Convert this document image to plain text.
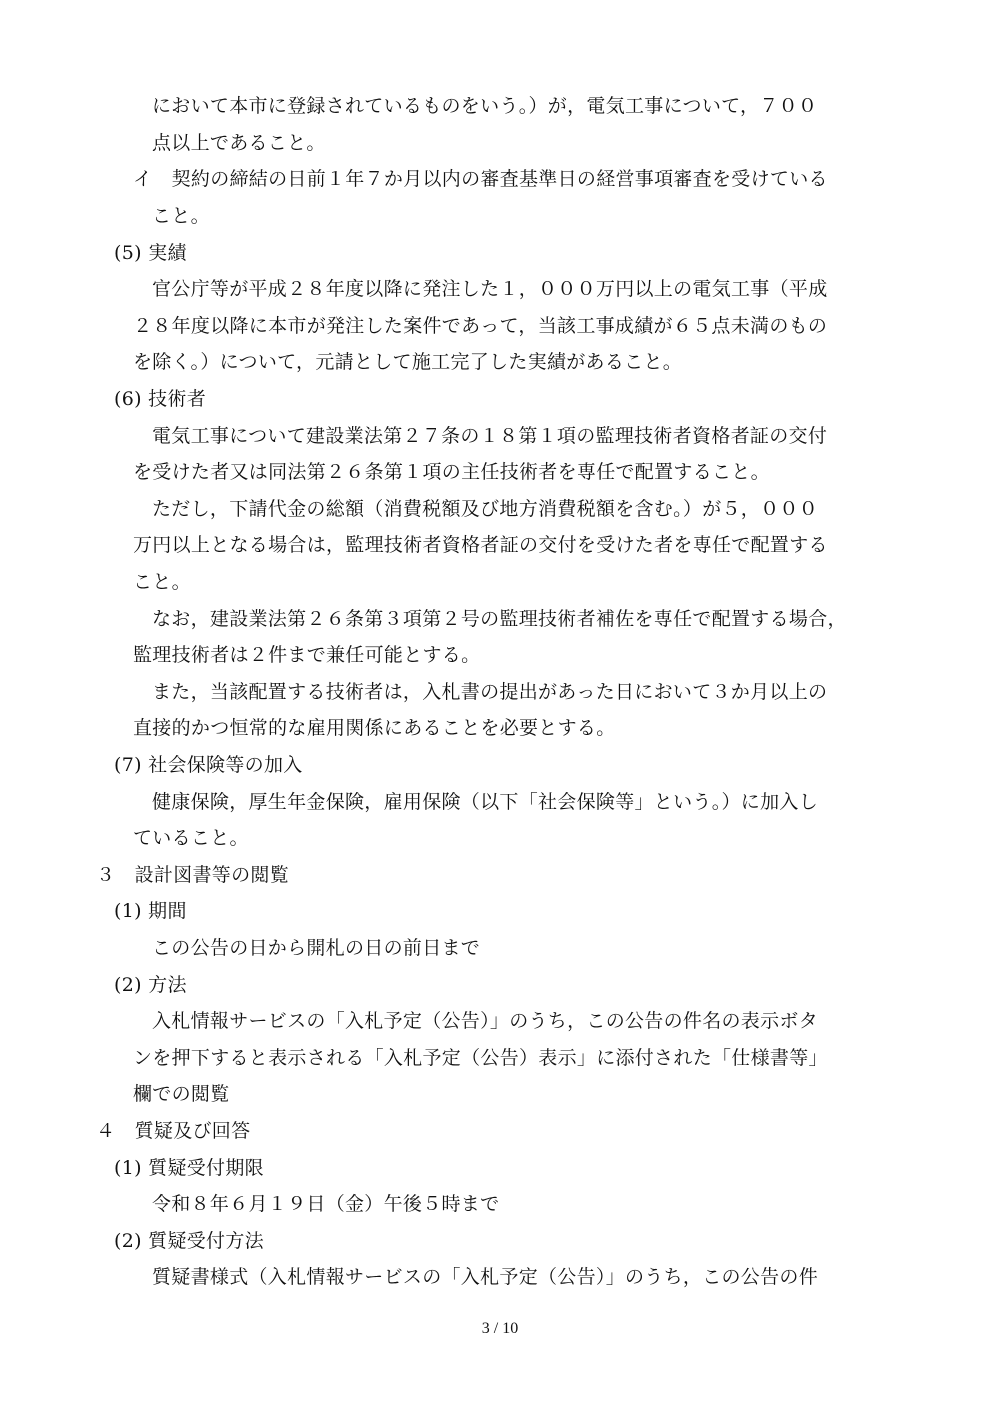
において本市に登録されているものをいう。）が，電気工事について，７００

点以上であること。

イ　契約の締結の日前１年７か月以内の審査基準日の経営事項審査を受けている

こと。

(5) 実績

官公庁等が平成２８年度以降に発注した１，０００万円以上の電気工事（平成

２８年度以降に本市が発注した案件であって，当該工事成績が６５点未満のもの

を除く。）について，元請として施工完了した実績があること。

(6) 技術者

電気工事について建設業法第２７条の１８第１項の監理技術者資格者証の交付

を受けた者又は同法第２６条第１項の主任技術者を専任で配置すること。

ただし，下請代金の総額（消費税額及び地方消費税額を含む。）が５，０００

万円以上となる場合は，監理技術者資格者証の交付を受けた者を専任で配置する

こと。

なお，建設業法第２６条第３項第２号の監理技術者補佐を専任で配置する場合，

監理技術者は２件まで兼任可能とする。

また，当該配置する技術者は，入札書の提出があった日において３か月以上の

直接的かつ恒常的な雇用関係にあることを必要とする。

(7) 社会保険等の加入

健康保険，厚生年金保険，雇用保険（以下「社会保険等」という。）に加入し

ていること。

３　設計図書等の閲覧

(1) 期間

この公告の日から開札の日の前日まで

(2) 方法

入札情報サービスの「入札予定（公告）」のうち，この公告の件名の表示ボタ

ンを押下すると表示される「入札予定（公告）表示」に添付された「仕様書等」

欄での閲覧

４　質疑及び回答

(1) 質疑受付期限

令和８年６月１９日（金）午後５時まで

(2) 質疑受付方法

質疑書様式（入札情報サービスの「入札予定（公告）」のうち，この公告の件

3 / 10
